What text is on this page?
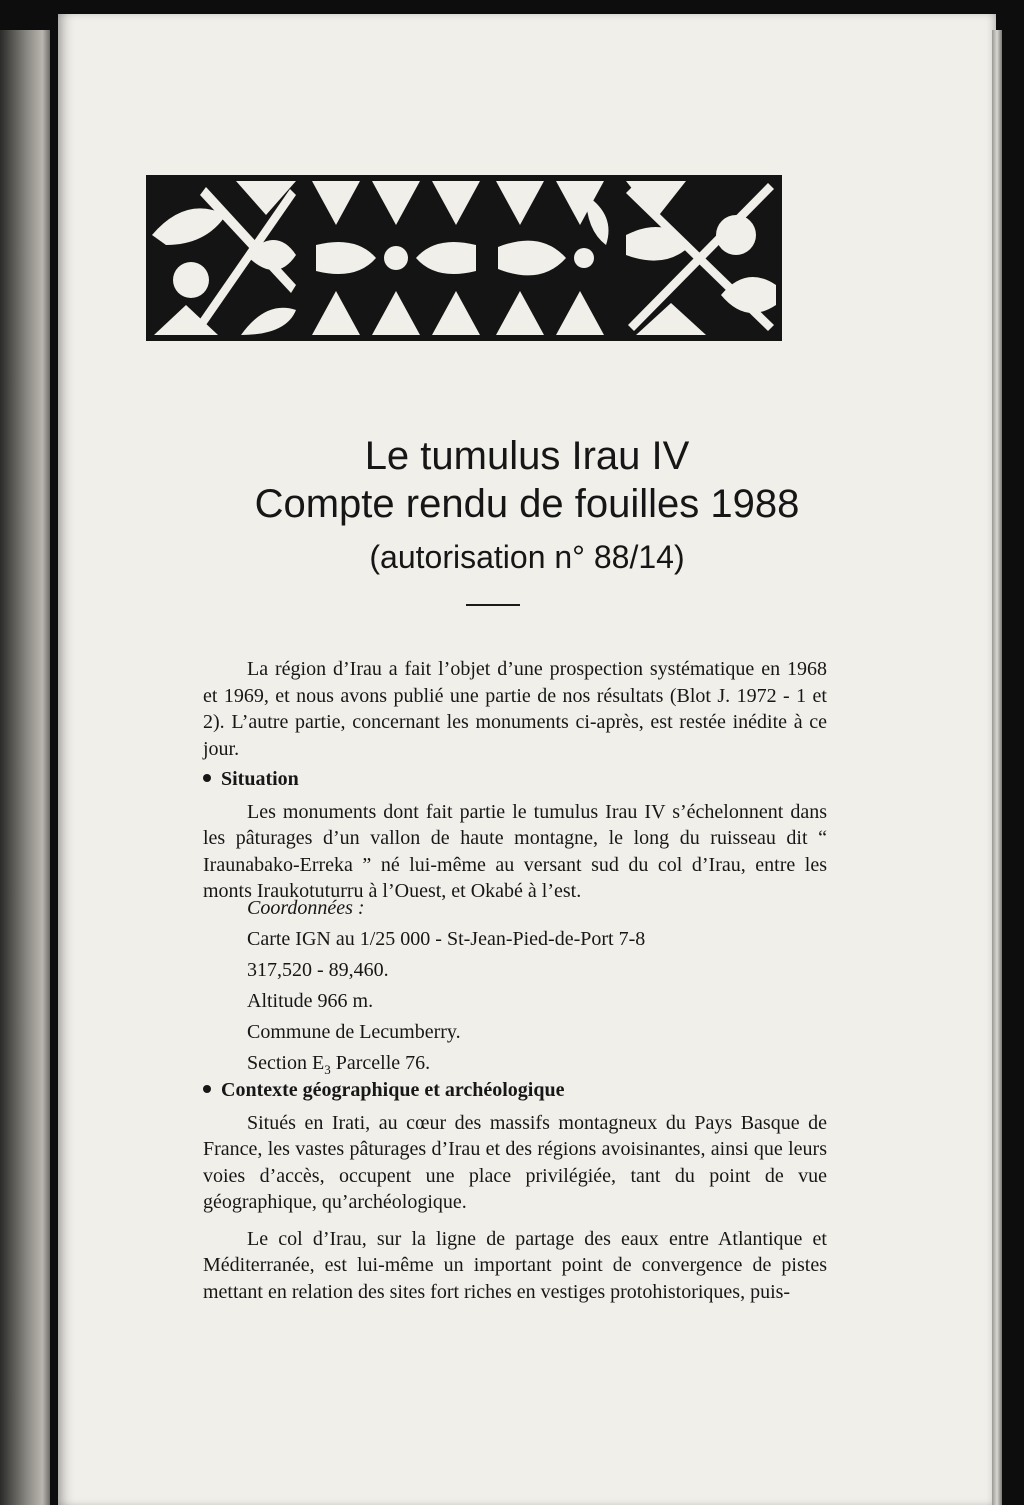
Le tumulus Irau IV
Compte rendu de fouilles 1988
(autorisation n° 88/14)

La région d’Irau a fait l’objet d’une prospection systématique en 1968 et 1969, et nous avons publié une partie de nos résultats (Blot J. 1972 - 1 et 2). L’autre partie, concernant les monuments ci-après, est restée inédite à ce jour.

Situation

Les monuments dont fait partie le tumulus Irau IV s’échelonnent dans les pâturages d’un vallon de haute montagne, le long du ruisseau dit “ Iraunabako-Erreka ” né lui-même au versant sud du col d’Irau, entre les monts Iraukotuturru à l’Ouest, et Okabé à l’est.

Coordonnées :
Carte IGN au 1/25 000 - St-Jean-Pied-de-Port 7-8
317,520 - 89,460.
Altitude 966 m.
Commune de Lecumberry.
Section $E_3$ Parcelle 76.

Contexte géographique et archéologique

Situés en Irati, au cœur des massifs montagneux du Pays Basque de France, les vastes pâturages d’Irau et des régions avoisinantes, ainsi que leurs voies d’accès, occupent une place privilégiée, tant du point de vue géographique, qu’archéologique.

Le col d’Irau, sur la ligne de partage des eaux entre Atlantique et Méditerranée, est lui-même un important point de convergence de pistes mettant en relation des sites fort riches en vestiges protohistoriques, puis-
